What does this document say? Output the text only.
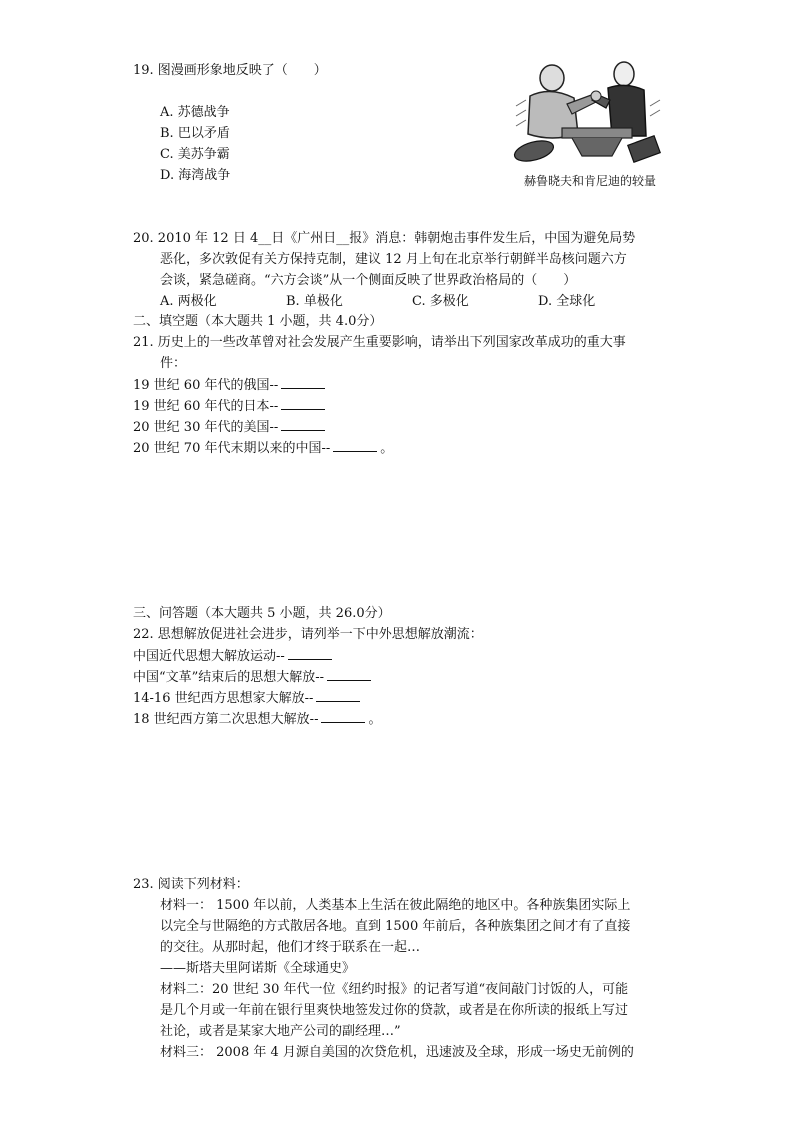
19. 图漫画形象地反映了（　　）
A. 苏德战争
B. 巴以矛盾
C. 美苏争霸
D. 海湾战争	赫鲁晓夫和肯尼迪的较量
20. 2010 年 12 日 4__日《广州日__报》消息：韩朝炮击事件发生后，中国为避免局势
恶化，多次敦促有关方保持克制，建议 12 月上旬在北京举行朝鲜半岛核问题六方
会谈，紧急磋商。“六方会谈”从一个侧面反映了世界政治格局的（　　）
A. 两极化	B. 单极化	C. 多极化	D. 全球化
二、填空题（本大题共 1 小题，共 4.0分）
21. 历史上的一些改革曾对社会发展产生重要影响，请举出下列国家改革成功的重大事
件：
19 世纪 60 年代的俄国--
19 世纪 60 年代的日本--
20 世纪 30 年代的美国--
20 世纪 70 年代末期以来的中国--	。
三、问答题（本大题共 5 小题，共 26.0分）
22. 思想解放促进社会进步，请列举一下中外思想解放潮流：
中国近代思想大解放运动--
中国“文革”结束后的思想大解放--
14-16 世纪西方思想家大解放--
18 世纪西方第二次思想大解放--	。
23. 阅读下列材料：
材料一： 1500 年以前，人类基本上生活在彼此隔绝的地区中。各种族集团实际上
以完全与世隔绝的方式散居各地。直到 1500 年前后，各种族集团之间才有了直接
的交往。从那时起，他们才终于联系在一起…
——斯塔夫里阿诺斯《全球通史》
材料二：20 世纪 30 年代一位《纽约时报》的记者写道“夜间敲门讨饭的人，可能
是几个月或一年前在银行里爽快地签发过你的贷款，或者是在你所读的报纸上写过
社论，或者是某家大地产公司的副经理…”
材料三： 2008 年 4 月源自美国的次贷危机，迅速波及全球，形成一场史无前例的
